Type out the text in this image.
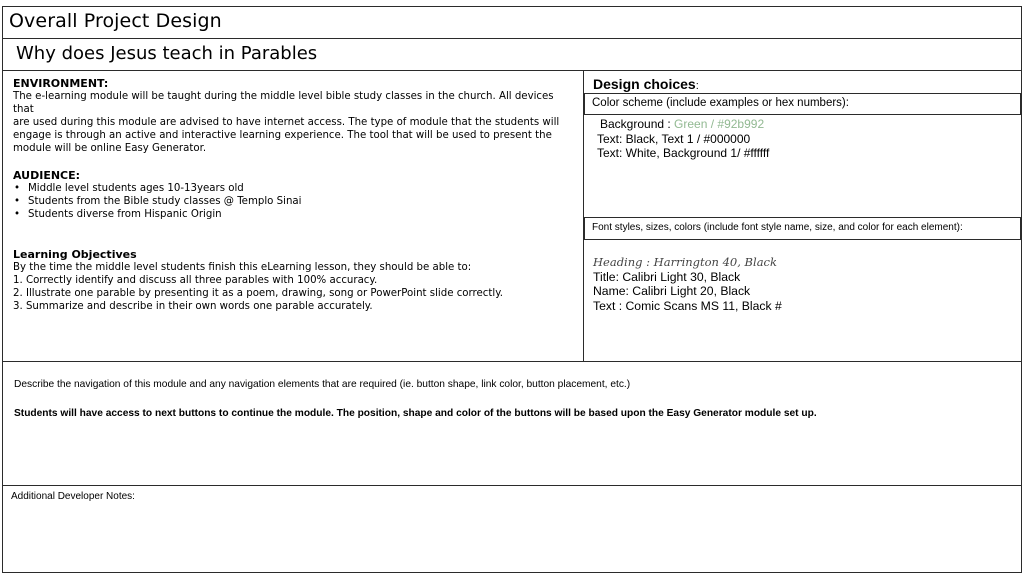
Overall Project Design
Why does Jesus teach in Parables
ENVIRONMENT:
The e-learning module will be taught during the middle level bible study classes in the church. All devices that
are used during this module are advised to have internet access. The type of module that the students will
engage is through an active and interactive learning experience. The tool that will be used to present the
module will be online Easy Generator.
AUDIENCE:
• Middle level students ages 10-13years old
• Students from the Bible study classes @ Templo Sinai
• Students diverse from Hispanic Origin
Learning Objectives
By the time the middle level students finish this eLearning lesson, they should be able to:
1. Correctly identify and discuss all three parables with 100% accuracy.
2. Illustrate one parable by presenting it as a poem, drawing, song or PowerPoint slide correctly.
3. Summarize and describe in their own words one parable accurately.
Design choices:
Color scheme (include examples or hex numbers):
Background : Green / #92b992
Text: Black, Text 1 / #000000
Text: White, Background 1/ #ffffff
Font styles, sizes, colors (include font style name, size, and color for each element):
Heading : Harrington 40, Black
Title: Calibri Light 30, Black
Name: Calibri Light 20, Black
Text : Comic Scans MS 11, Black #
Describe the navigation of this module and any navigation elements that are required (ie. button shape, link color, button placement, etc.)
Students will have access to next buttons to continue the module. The position, shape and color of the buttons will be based upon the Easy Generator module set up.
Additional Developer Notes:
